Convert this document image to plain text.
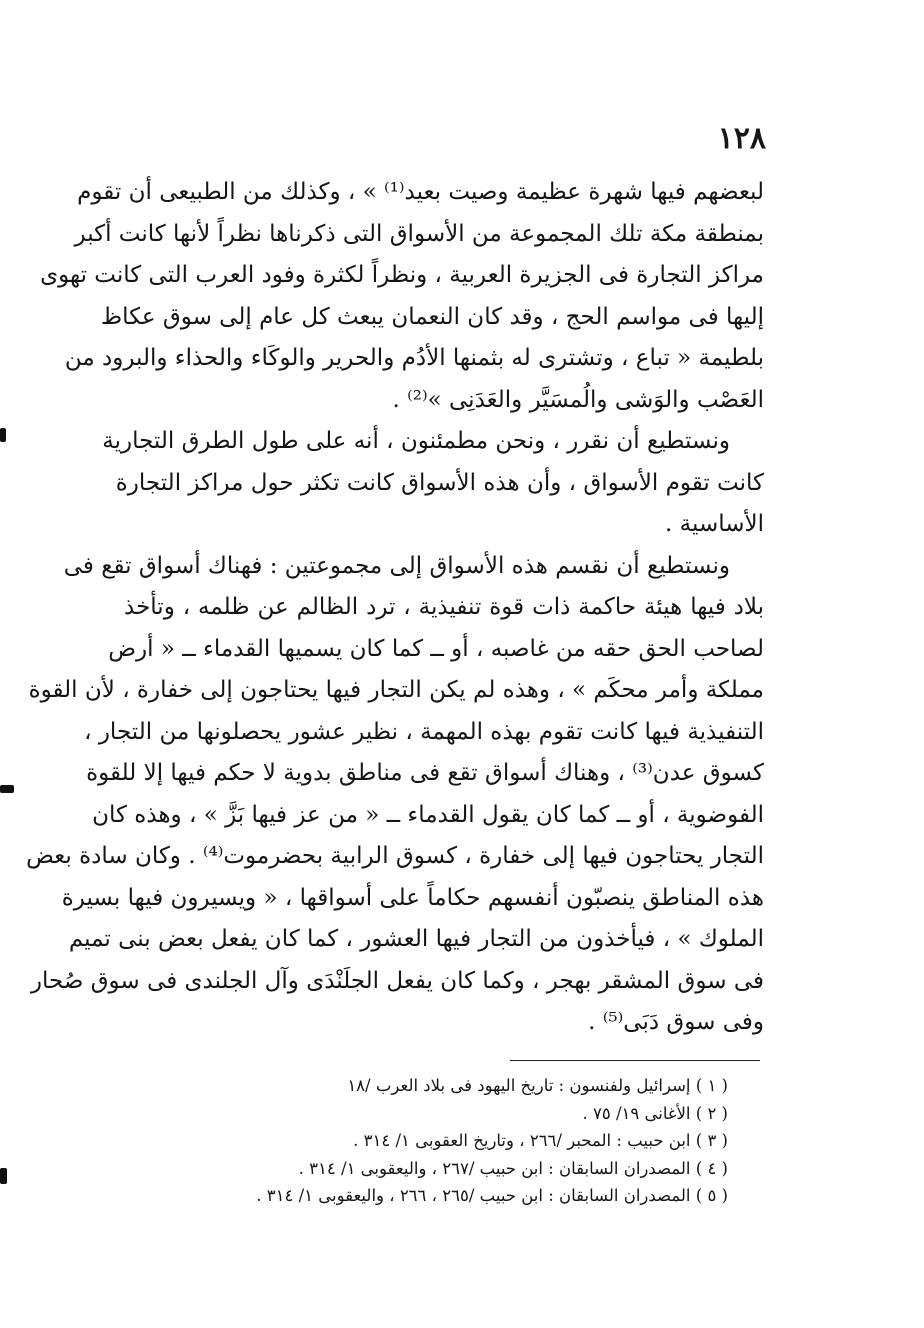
١٢٨
لبعضهم فيها شهرة عظيمة وصيت بعيد⁽¹⁾ » ، وكذلك من الطبيعى أن تقوم
بمنطقة مكة تلك المجموعة من الأسواق التى ذكرناها نظراً لأنها كانت أكبر
مراكز التجارة فى الجزيرة العربية ، ونظراً لكثرة وفود العرب التى كانت تهوى
إليها فى مواسم الحج ، وقد كان النعمان يبعث كل عام إلى سوق عكاظ
بلطيمة « تباع ، وتشترى له بثمنها الأدُم والحرير والوكَاء والحذاء والبرود من
العَصْب والوَشى والُمسَيَّر والعَدَنِى »⁽²⁾ .
ونستطيع أن نقرر ، ونحن مطمئنون ، أنه على طول الطرق التجارية
كانت تقوم الأسواق ، وأن هذه الأسواق كانت تكثر حول مراكز التجارة
الأساسية .
ونستطيع أن نقسم هذه الأسواق إلى مجموعتين : فهناك أسواق تقع فى
بلاد فيها هيئة حاكمة ذات قوة تنفيذية ، ترد الظالم عن ظلمه ، وتأخذ
لصاحب الحق حقه من غاصبه ، أو ــ كما كان يسميها القدماء ــ « أرض
مملكة وأمر محكَم » ، وهذه لم يكن التجار فيها يحتاجون إلى خفارة ، لأن القوة
التنفيذية فيها كانت تقوم بهذه المهمة ، نظير عشور يحصلونها من التجار ،
كسوق عدن⁽³⁾ ، وهناك أسواق تقع فى مناطق بدوية لا حكم فيها إلا للقوة
الفوضوية ، أو ــ كما كان يقول القدماء ــ « من عز فيها بَزَّ » ، وهذه كان
التجار يحتاجون فيها إلى خفارة ، كسوق الرابية بحضرموت⁽⁴⁾ . وكان سادة بعض
هذه المناطق ينصبّون أنفسهم حكاماً على أسواقها ، « ويسيرون فيها بسيرة
الملوك » ، فيأخذون من التجار فيها العشور ، كما كان يفعل بعض بنى تميم
فى سوق المشقر بهجر ، وكما كان يفعل الجلَنْدَى وآل الجلندى فى سوق صُحار
وفى سوق دَبَى⁽⁵⁾ .
( ١ ) إسرائيل ولفنسون : تاريخ اليهود فى بلاد العرب /١٨
( ٢ ) الأغانى ١٩/ ٧٥ .
( ٣ ) ابن حبيب : المحبر /٢٦٦ ، وتاريخ العقوبى ١/ ٣١٤ .
( ٤ ) المصدران السابقان : ابن حبيب /٢٦٧ ، واليعقوبى ١/ ٣١٤ .
( ٥ ) المصدران السابقان : ابن حبيب /٢٦٥ ، ٢٦٦ ، واليعقوبى ١/ ٣١٤ .
